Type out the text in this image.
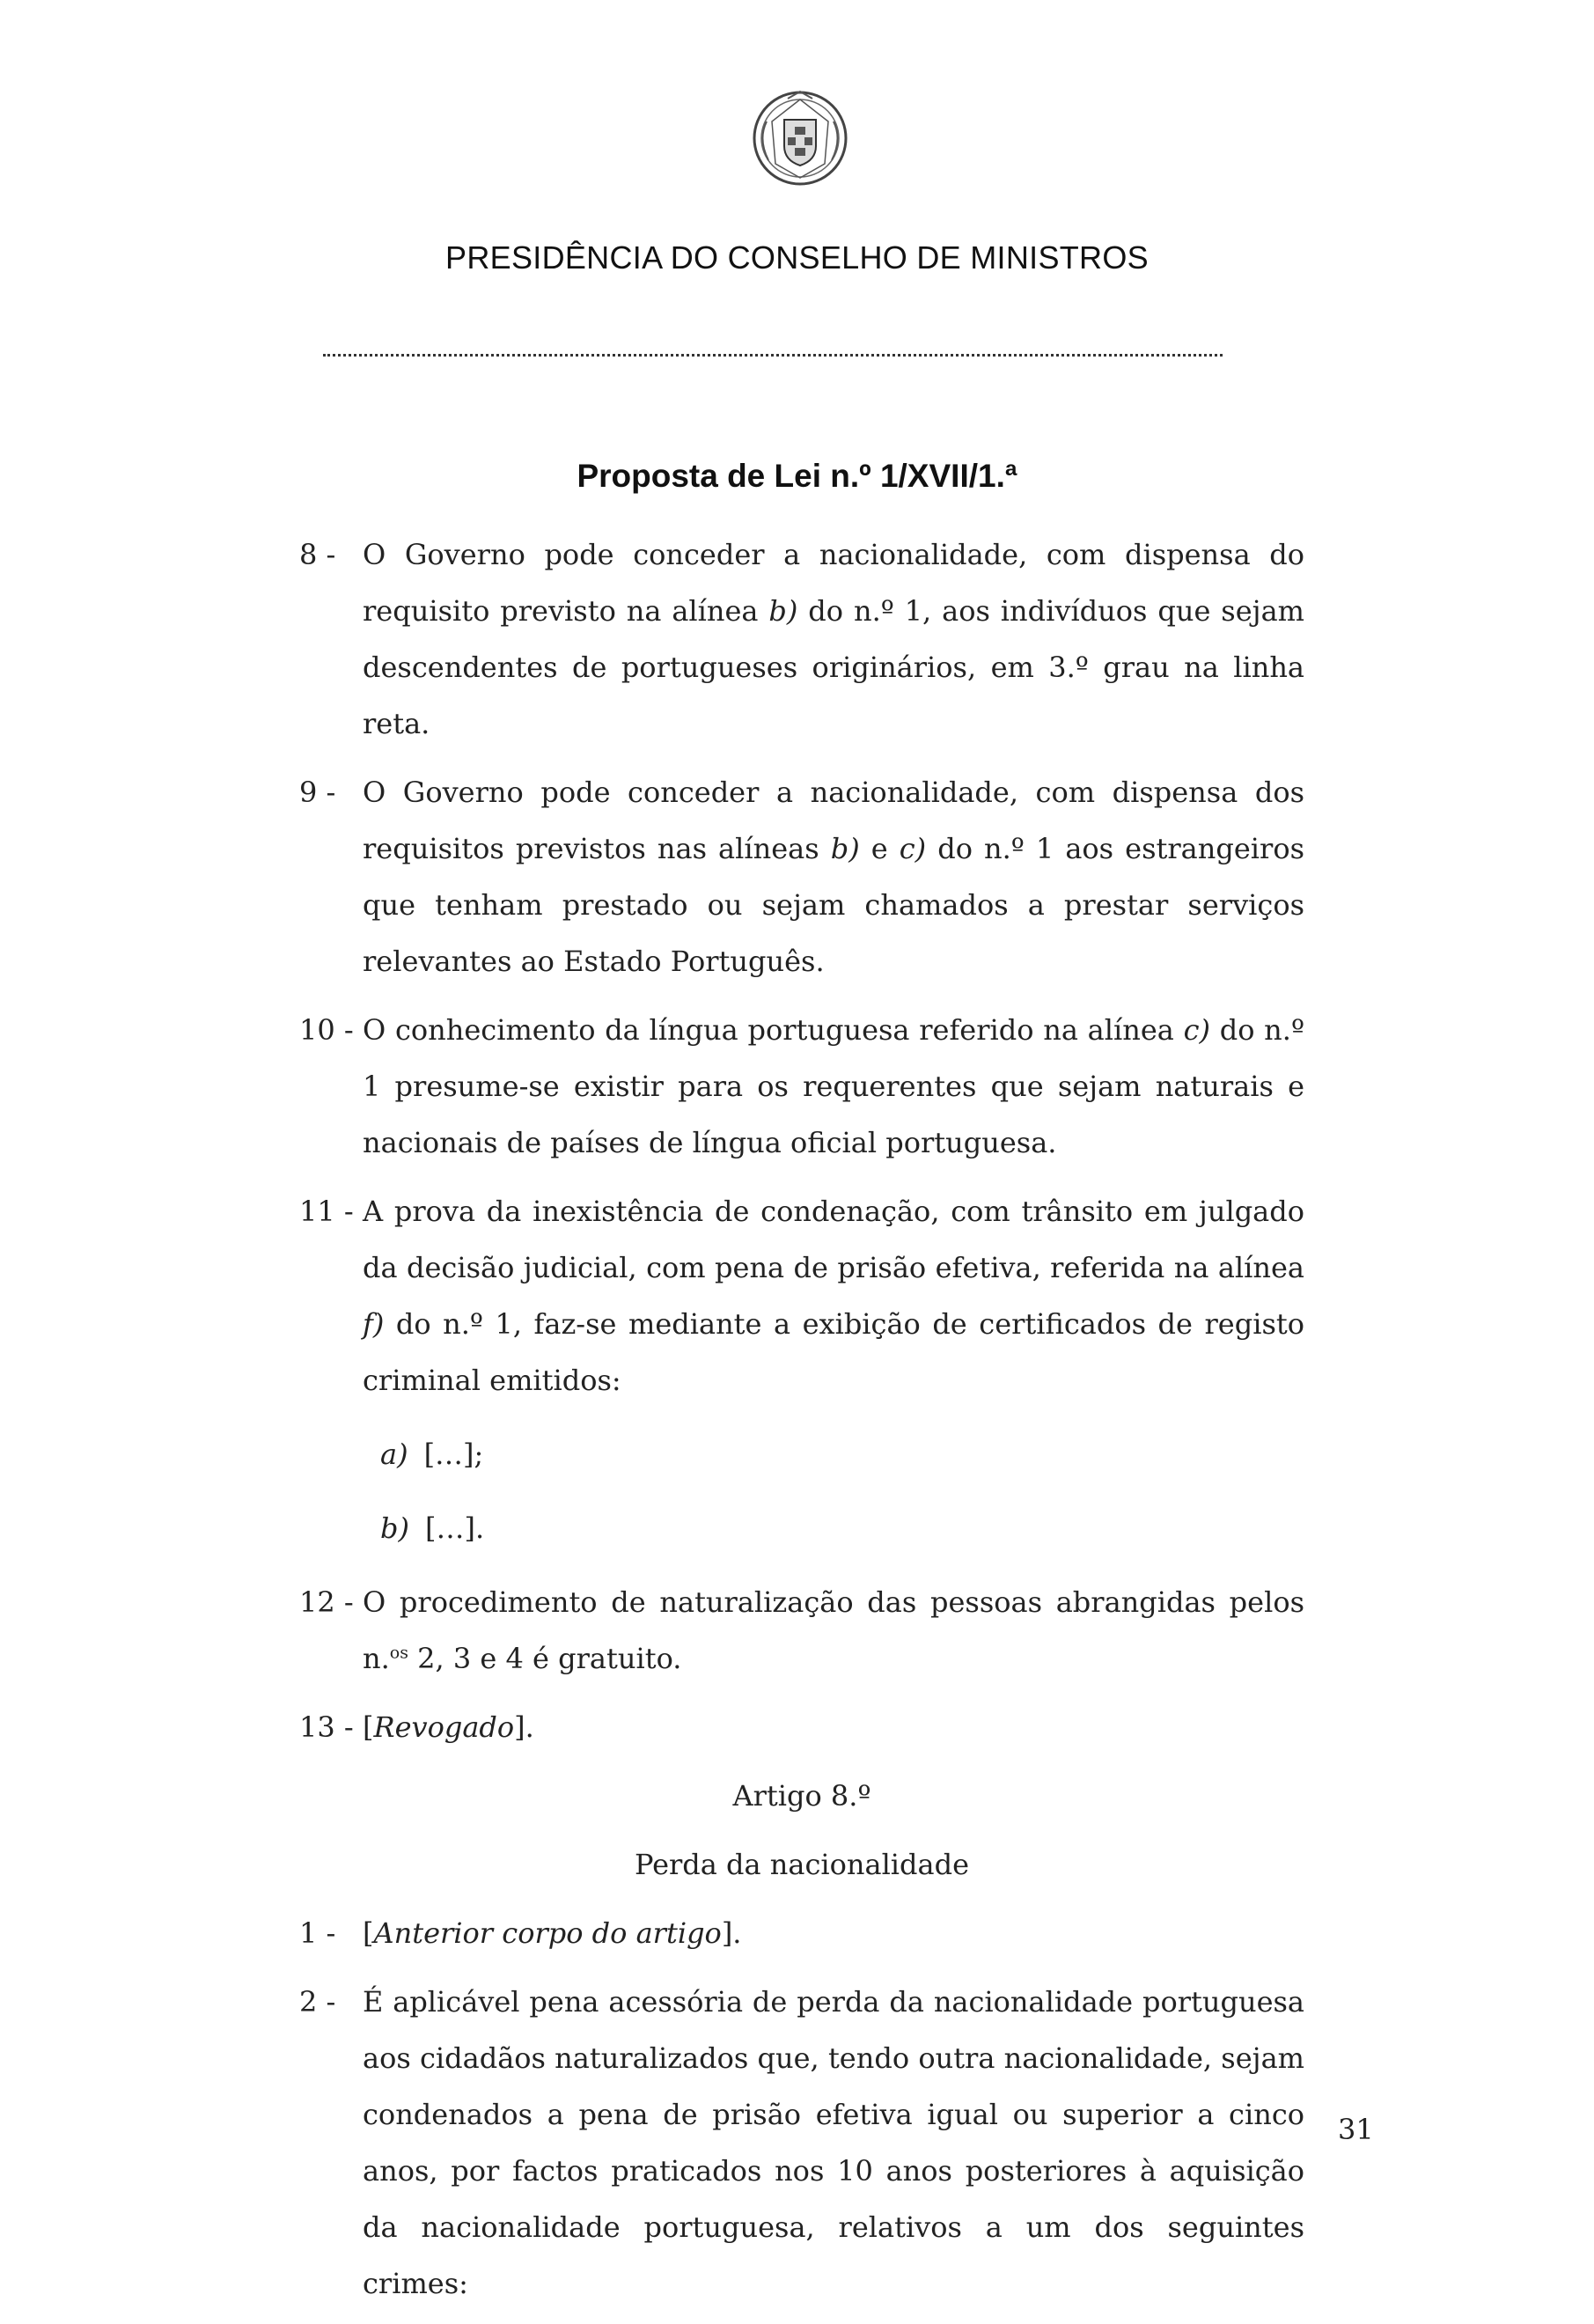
PRESIDÊNCIA DO CONSELHO DE MINISTROS
Proposta de Lei n.º 1/XVII/1.ª
8 - O Governo pode conceder a nacionalidade, com dispensa do requisito previsto na alínea b) do n.º 1, aos indivíduos que sejam descendentes de portugueses originários, em 3.º grau na linha reta.
9 - O Governo pode conceder a nacionalidade, com dispensa dos requisitos previstos nas alíneas b) e c) do n.º 1 aos estrangeiros que tenham prestado ou sejam chamados a prestar serviços relevantes ao Estado Português.
10 - O conhecimento da língua portuguesa referido na alínea c) do n.º 1 presume-se existir para os requerentes que sejam naturais e nacionais de países de língua oficial portuguesa.
11 - A prova da inexistência de condenação, com trânsito em julgado da decisão judicial, com pena de prisão efetiva, referida na alínea f) do n.º 1, faz-se mediante a exibição de certificados de registo criminal emitidos:
a) […];
b) […].
12 - O procedimento de naturalização das pessoas abrangidas pelos n.$^{os}$ 2, 3 e 4 é gratuito.
13 - [Revogado].
Artigo 8.º
Perda da nacionalidade
1 - [Anterior corpo do artigo].
2 - É aplicável pena acessória de perda da nacionalidade portuguesa aos cidadãos naturalizados que, tendo outra nacionalidade, sejam condenados a pena de prisão efetiva igual ou superior a cinco anos, por factos praticados nos 10 anos posteriores à aquisição da nacionalidade portuguesa, relativos a um dos seguintes crimes:
31
